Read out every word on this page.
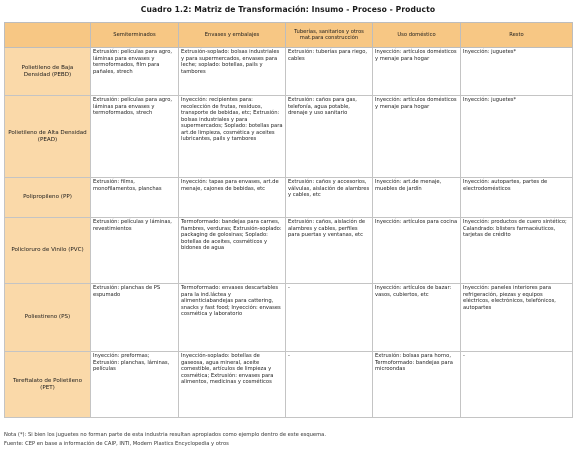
Cuadro 1.2: Matriz de Transformación: Insumo - Proceso - Producto
	Semiterminados	Envases y embalajes	Tuberías, sanitarios y otros mat.para construcción	Uso doméstico	Resto
Polietileno de Baja Densidad (PEBD)	Extrusión: películas para agro, láminas para envases y termoformados, film para pañales, strech	Extrusión-soplado: bolsas industriales y para supermercados, envases para leche; soplado: botellas, pails y tambores	Extrusión: tuberías para riego, cables	Inyección: artículos domésticos y menaje para hogar	Inyección: juguetes*
Polietileno de Alta Densidad (PEAD)	Extrusión: películas para agro, láminas para envases y termoformados, strech	Inyección: recipientes para: recolección de frutas, residuos, transporte de bebidas, etc; Extrusión: bolsas industriales y para supermercados; Soplado: botellas para art.de limpieza, cosmética y aceites lubricantes, pails y tambores	Extrusión: caños para gas, telefonía, agua potable, drenaje y uso sanitario	Inyección: artículos domésticos y menaje para hogar	Inyección: juguetes*
Polipropileno (PP)	Extrusión: films, monofilamentos, planchas	Inyección: tapas para envases, art.de menaje, cajones de bebidas, etc	Extrusión: caños y accesorios, válvulas, aislación de alambres y cables, etc	Inyección: art.de menaje, muebles de jardín	Inyección: autopartes, partes de electrodomésticos
Policloruro de Vinilo (PVC)	Extrusión: películas y láminas, revestimientos	Termoformado: bandejas para carnes, fiambres, verduras; Extrusión-soplado: packaging de golosinas; Soplado: botellas de aceites, cosméticos y bidones de agua	Extrusión: caños, aislación de alambres y cables, perfiles para puertas y ventanas, etc	Inyección: artículos para cocina	Inyección: productos de cuero sintético; Calandrado: blisters farmacéuticos, tarjetas de crédito
Poliestireno (PS)	Extrusión: planchas de PS espumado	Termoformado: envases descartables para la ind.láctea y alimenticiabandejas para cattering, snacks y fast food; Inyección: envases cosmética y laboratorio	-	Inyección: artículos de bazar: vasos, cubiertos, etc	Inyección: paneles interiores para refrigeración, piezas y equipos eléctricos, electrónicos, telefónicos, autopartes
Tereftalato de Polietileno (PET)	Inyección: preformas; Extrusión: planchas, láminas, películas	Inyección-soplado: botellas de gaseosa, agua mineral, aceite comestible, artículos de limpieza y cosmética; Extrusión: envases para alimentos, medicinas y cosméticos	-	Extrusión: bolsas para horno, Termoformado: bandejas para microondas	-
Nota (*): Si bien los juguetes no forman parte de esta industria resultan apropiados como ejemplo dentro de este esquema.
Fuente: CEP en base a información de CAIP, INTI, Modern Plastics Encyclopedia y otros
